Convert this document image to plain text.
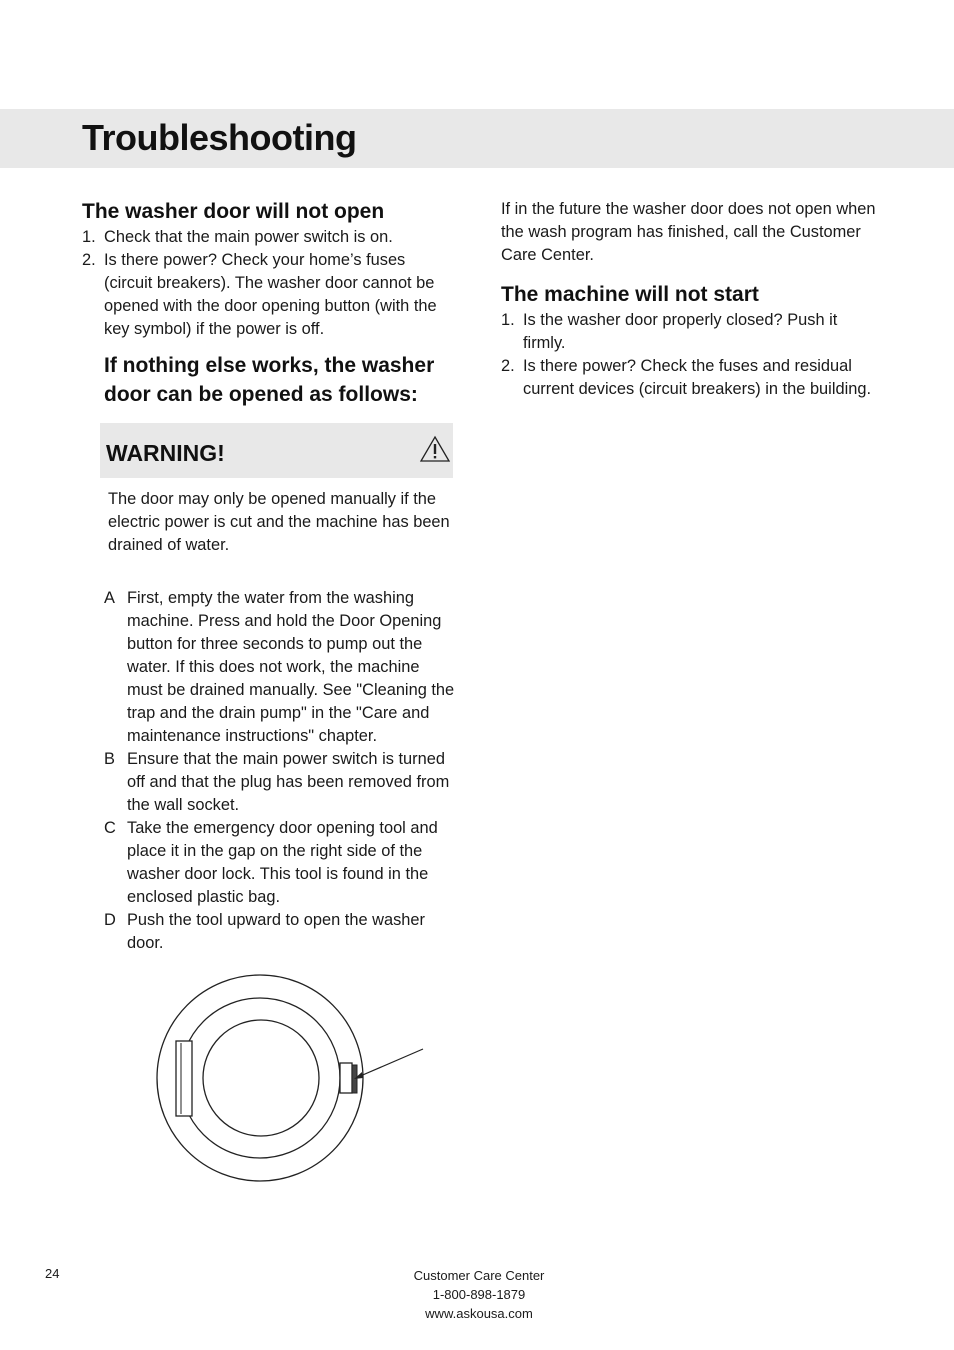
Troubleshooting
The washer door will not open
1. Check that the main power switch is on.
2. Is there power? Check your home’s fuses (circuit breakers). The washer door cannot be opened with the door opening button (with the key symbol) if the power is off.
If nothing else works, the washer door can be opened as follows:
WARNING!

The door may only be opened manually if the electric power is cut and the machine has been drained of water.

A First, empty the water from the washing machine. Press and hold the Door Opening button for three seconds to pump out the water. If this does not work, the machine must be drained manually. See "Cleaning the trap and the drain pump" in the "Care and maintenance instructions" chapter.
B Ensure that the main power switch is turned off and that the plug has been removed from the wall socket.
C Take the emergency door opening tool and place it in the gap on the right side of the washer door lock. This tool is found in the enclosed plastic bag.
D Push the tool upward to open the washer door.

If in the future the washer door does not open when the wash program has finished, call the Customer Care Center.

The machine will not start
1. Is the washer door properly closed? Push it firmly.
2. Is there power? Check the fuses and residual current devices (circuit breakers) in the building.
24	Customer Care Center
1-800-898-1879
www.askousa.com
